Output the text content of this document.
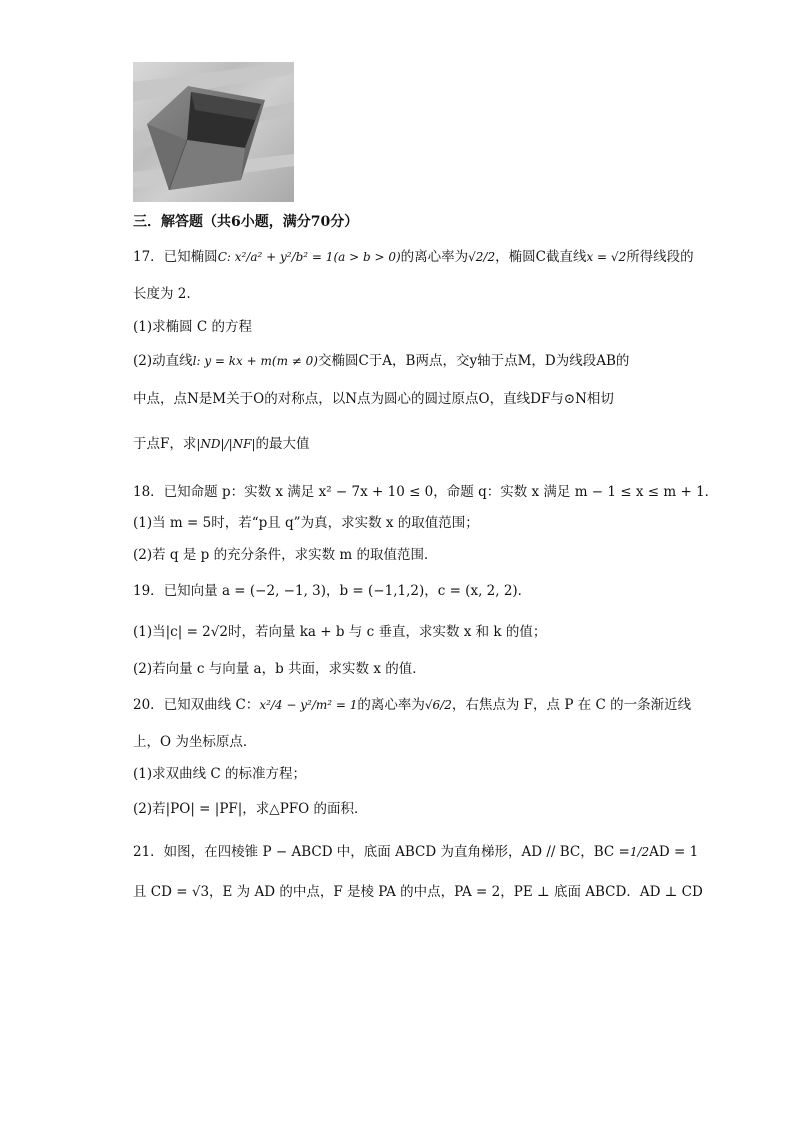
三．解答题（共6小题，满分70分）
17．已知椭圆C: x²/a² + y²/b² = 1(a > b > 0)的离心率为√2/2，椭圆C截直线x = √2所得线段的
长度为 2.
(1)求椭圆 C 的方程
(2)动直线l: y = kx + m(m ≠ 0)交椭圆C于A，B两点，交y轴于点M，D为线段AB的
中点，点N是M关于O的对称点，以N点为圆心的圆过原点O，直线DF与⊙N相切
于点F，求|ND|/|NF|的最大值
18．已知命题 p：实数 x 满足 x² − 7x + 10 ≤ 0，命题 q：实数 x 满足 m − 1 ≤ x ≤ m + 1．
(1)当 m = 5时，若“p且 q”为真，求实数 x 的取值范围；
(2)若 q 是 p 的充分条件，求实数 m 的取值范围．
19．已知向量 a = (−2, −1, 3)，b = (−1,1,2)，c = (x, 2, 2)．
(1)当|c| = 2√2时，若向量 ka + b 与 c 垂直，求实数 x 和 k 的值；
(2)若向量 c 与向量 a，b 共面，求实数 x 的值．
20．已知双曲线 C：x²/4 − y²/m² = 1的离心率为√6/2，右焦点为 F，点 P 在 C 的一条渐近线
上，O 为坐标原点．
(1)求双曲线 C 的标准方程；
(2)若|PO| = |PF|，求△PFO 的面积．
21．如图，在四棱锥 P − ABCD 中，底面 ABCD 为直角梯形，AD // BC，BC =1/2AD = 1
且 CD = √3，E 为 AD 的中点，F 是棱 PA 的中点，PA = 2，PE ⊥ 底面 ABCD．AD ⊥ CD
